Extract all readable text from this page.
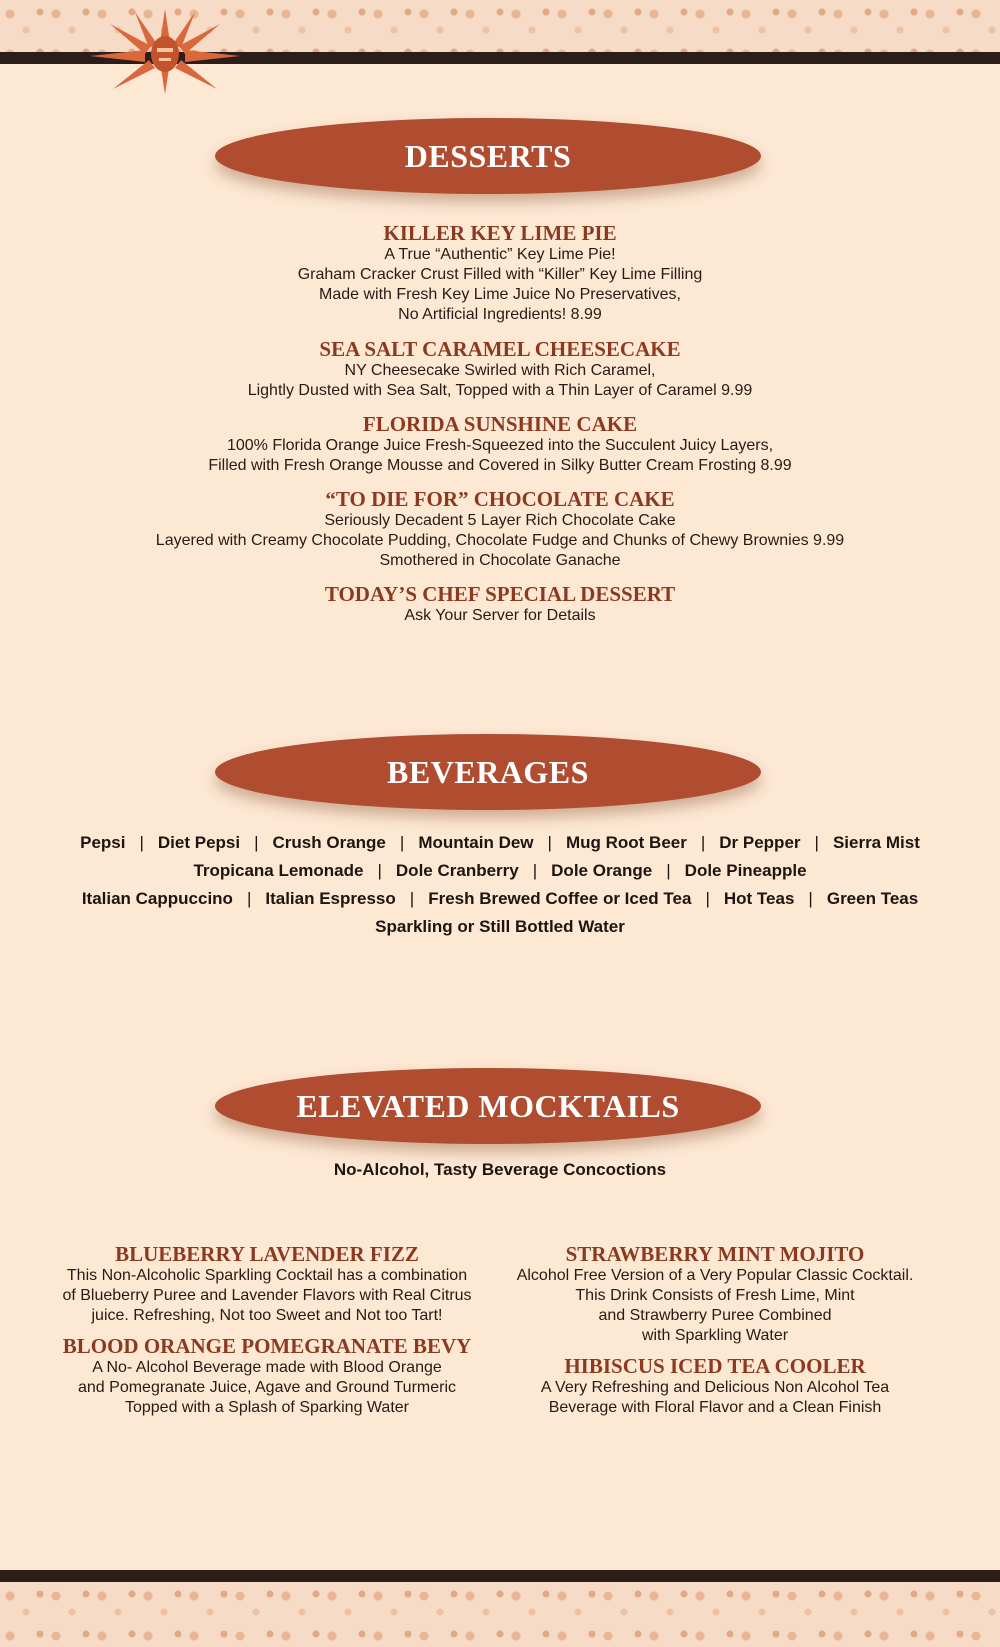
DESSERTS
KILLER KEY LIME PIE
A True “Authentic” Key Lime Pie!
Graham Cracker Crust Filled with “Killer” Key Lime Filling
Made with Fresh Key Lime Juice No Preservatives,
No Artificial Ingredients! 8.99
SEA SALT CARAMEL CHEESECAKE
NY Cheesecake Swirled with Rich Caramel,
Lightly Dusted with Sea Salt, Topped with a Thin Layer of Caramel 9.99
FLORIDA SUNSHINE CAKE
100% Florida Orange Juice Fresh-Squeezed into the Succulent Juicy Layers,
Filled with Fresh Orange Mousse and Covered in Silky Butter Cream Frosting 8.99
“TO DIE FOR” CHOCOLATE CAKE
Seriously Decadent 5 Layer Rich Chocolate Cake
Layered with Creamy Chocolate Pudding, Chocolate Fudge and Chunks of Chewy Brownies 9.99
Smothered in Chocolate Ganache
TODAY’S CHEF SPECIAL DESSERT
Ask Your Server for Details
BEVERAGES
Pepsi | Diet Pepsi | Crush Orange | Mountain Dew | Mug Root Beer | Dr Pepper | Sierra Mist
Tropicana Lemonade | Dole Cranberry | Dole Orange | Dole Pineapple
Italian Cappuccino | Italian Espresso | Fresh Brewed Coffee or Iced Tea | Hot Teas | Green Teas
Sparkling or Still Bottled Water
ELEVATED MOCKTAILS
No-Alcohol, Tasty Beverage Concoctions
BLUEBERRY LAVENDER FIZZ
This Non-Alcoholic Sparkling Cocktail has a combination
of Blueberry Puree and Lavender Flavors with Real Citrus
juice. Refreshing, Not too Sweet and Not too Tart!
BLOOD ORANGE POMEGRANATE BEVY
A No- Alcohol Beverage made with Blood Orange
and Pomegranate Juice, Agave and Ground Turmeric
Topped with a Splash of Sparking Water
STRAWBERRY MINT MOJITO
Alcohol Free Version of a Very Popular Classic Cocktail.
This Drink Consists of Fresh Lime, Mint
and Strawberry Puree Combined
with Sparkling Water
HIBISCUS ICED TEA COOLER
A Very Refreshing and Delicious Non Alcohol Tea
Beverage with Floral Flavor and a Clean Finish
